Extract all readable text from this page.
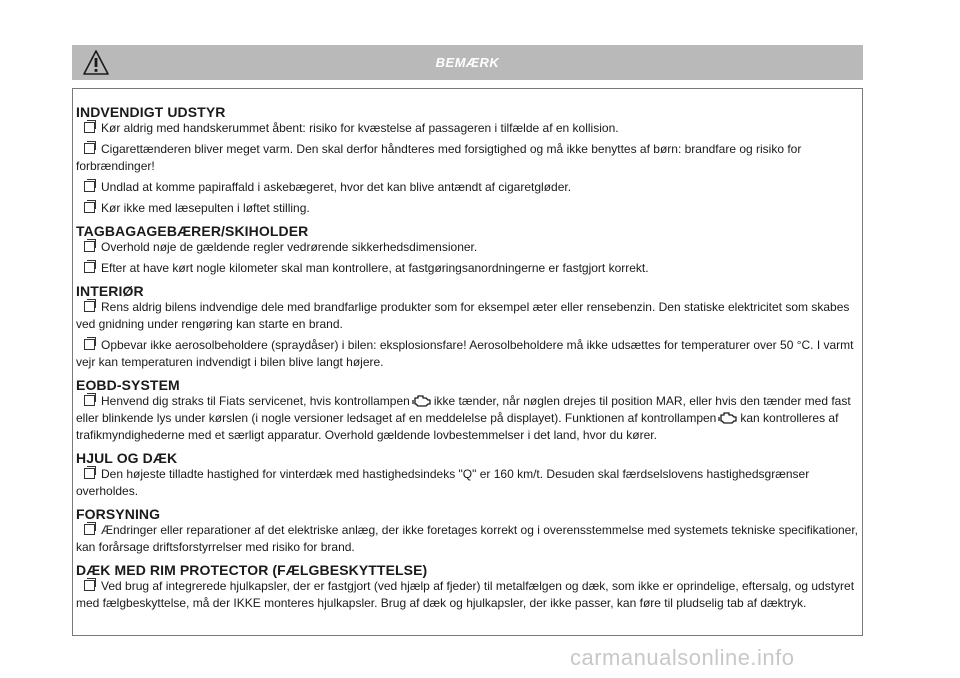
BEMÆRK
INDVENDIGT UDSTYR

Kør aldrig med handskerummet åbent: risiko for kvæstelse af passageren i tilfælde af en kollision.

Cigarettænderen bliver meget varm. Den skal derfor håndteres med forsigtighed og må ikke benyttes af børn: brandfare og risiko for forbrændinger!

Undlad at komme papiraffald i askebægeret, hvor det kan blive antændt af cigaretgløder.

Kør ikke med læsepulten i løftet stilling.

TAGBAGAGEBÆRER/SKIHOLDER

Overhold nøje de gældende regler vedrørende sikkerhedsdimensioner.

Efter at have kørt nogle kilometer skal man kontrollere, at fastgøringsanordningerne er fastgjort korrekt.

INTERIØR

Rens aldrig bilens indvendige dele med brandfarlige produkter som for eksempel æter eller rensebenzin. Den statiske elektricitet som skabes ved gnidning under rengøring kan starte en brand.

Opbevar ikke aerosolbeholdere (spraydåser) i bilen: eksplosionsfare! Aerosolbeholdere må ikke udsættes for temperaturer over 50 °C. I varmt vejr kan temperaturen indvendigt i bilen blive langt højere.

EOBD-SYSTEM

Henvend dig straks til Fiats servicenet, hvis kontrollampen ikke tænder, når nøglen drejes til position MAR, eller hvis den tænder med fast eller blinkende lys under kørslen (i nogle versioner ledsaget af en meddelelse på displayet). Funktionen af kontrollampen kan kontrolleres af trafikmyndighederne med et særligt apparatur. Overhold gældende lovbestemmelser i det land, hvor du kører.

HJUL OG DÆK

Den højeste tilladte hastighed for vinterdæk med hastighedsindeks "Q" er 160 km/t. Desuden skal færdselslovens hastighedsgrænser overholdes.

FORSYNING

Ændringer eller reparationer af det elektriske anlæg, der ikke foretages korrekt og i overensstemmelse med systemets tekniske specifikationer, kan forårsage driftsforstyrrelser med risiko for brand.

DÆK MED RIM PROTECTOR (FÆLGBESKYTTELSE)

Ved brug af integrerede hjulkapsler, der er fastgjort (ved hjælp af fjeder) til metalfælgen og dæk, som ikke er oprindelige, eftersalg, og udstyret med fælgbeskyttelse, må der IKKE monteres hjulkapsler. Brug af dæk og hjulkapsler, der ikke passer, kan føre til pludselig tab af dæktryk.

carmanualsonline.info
